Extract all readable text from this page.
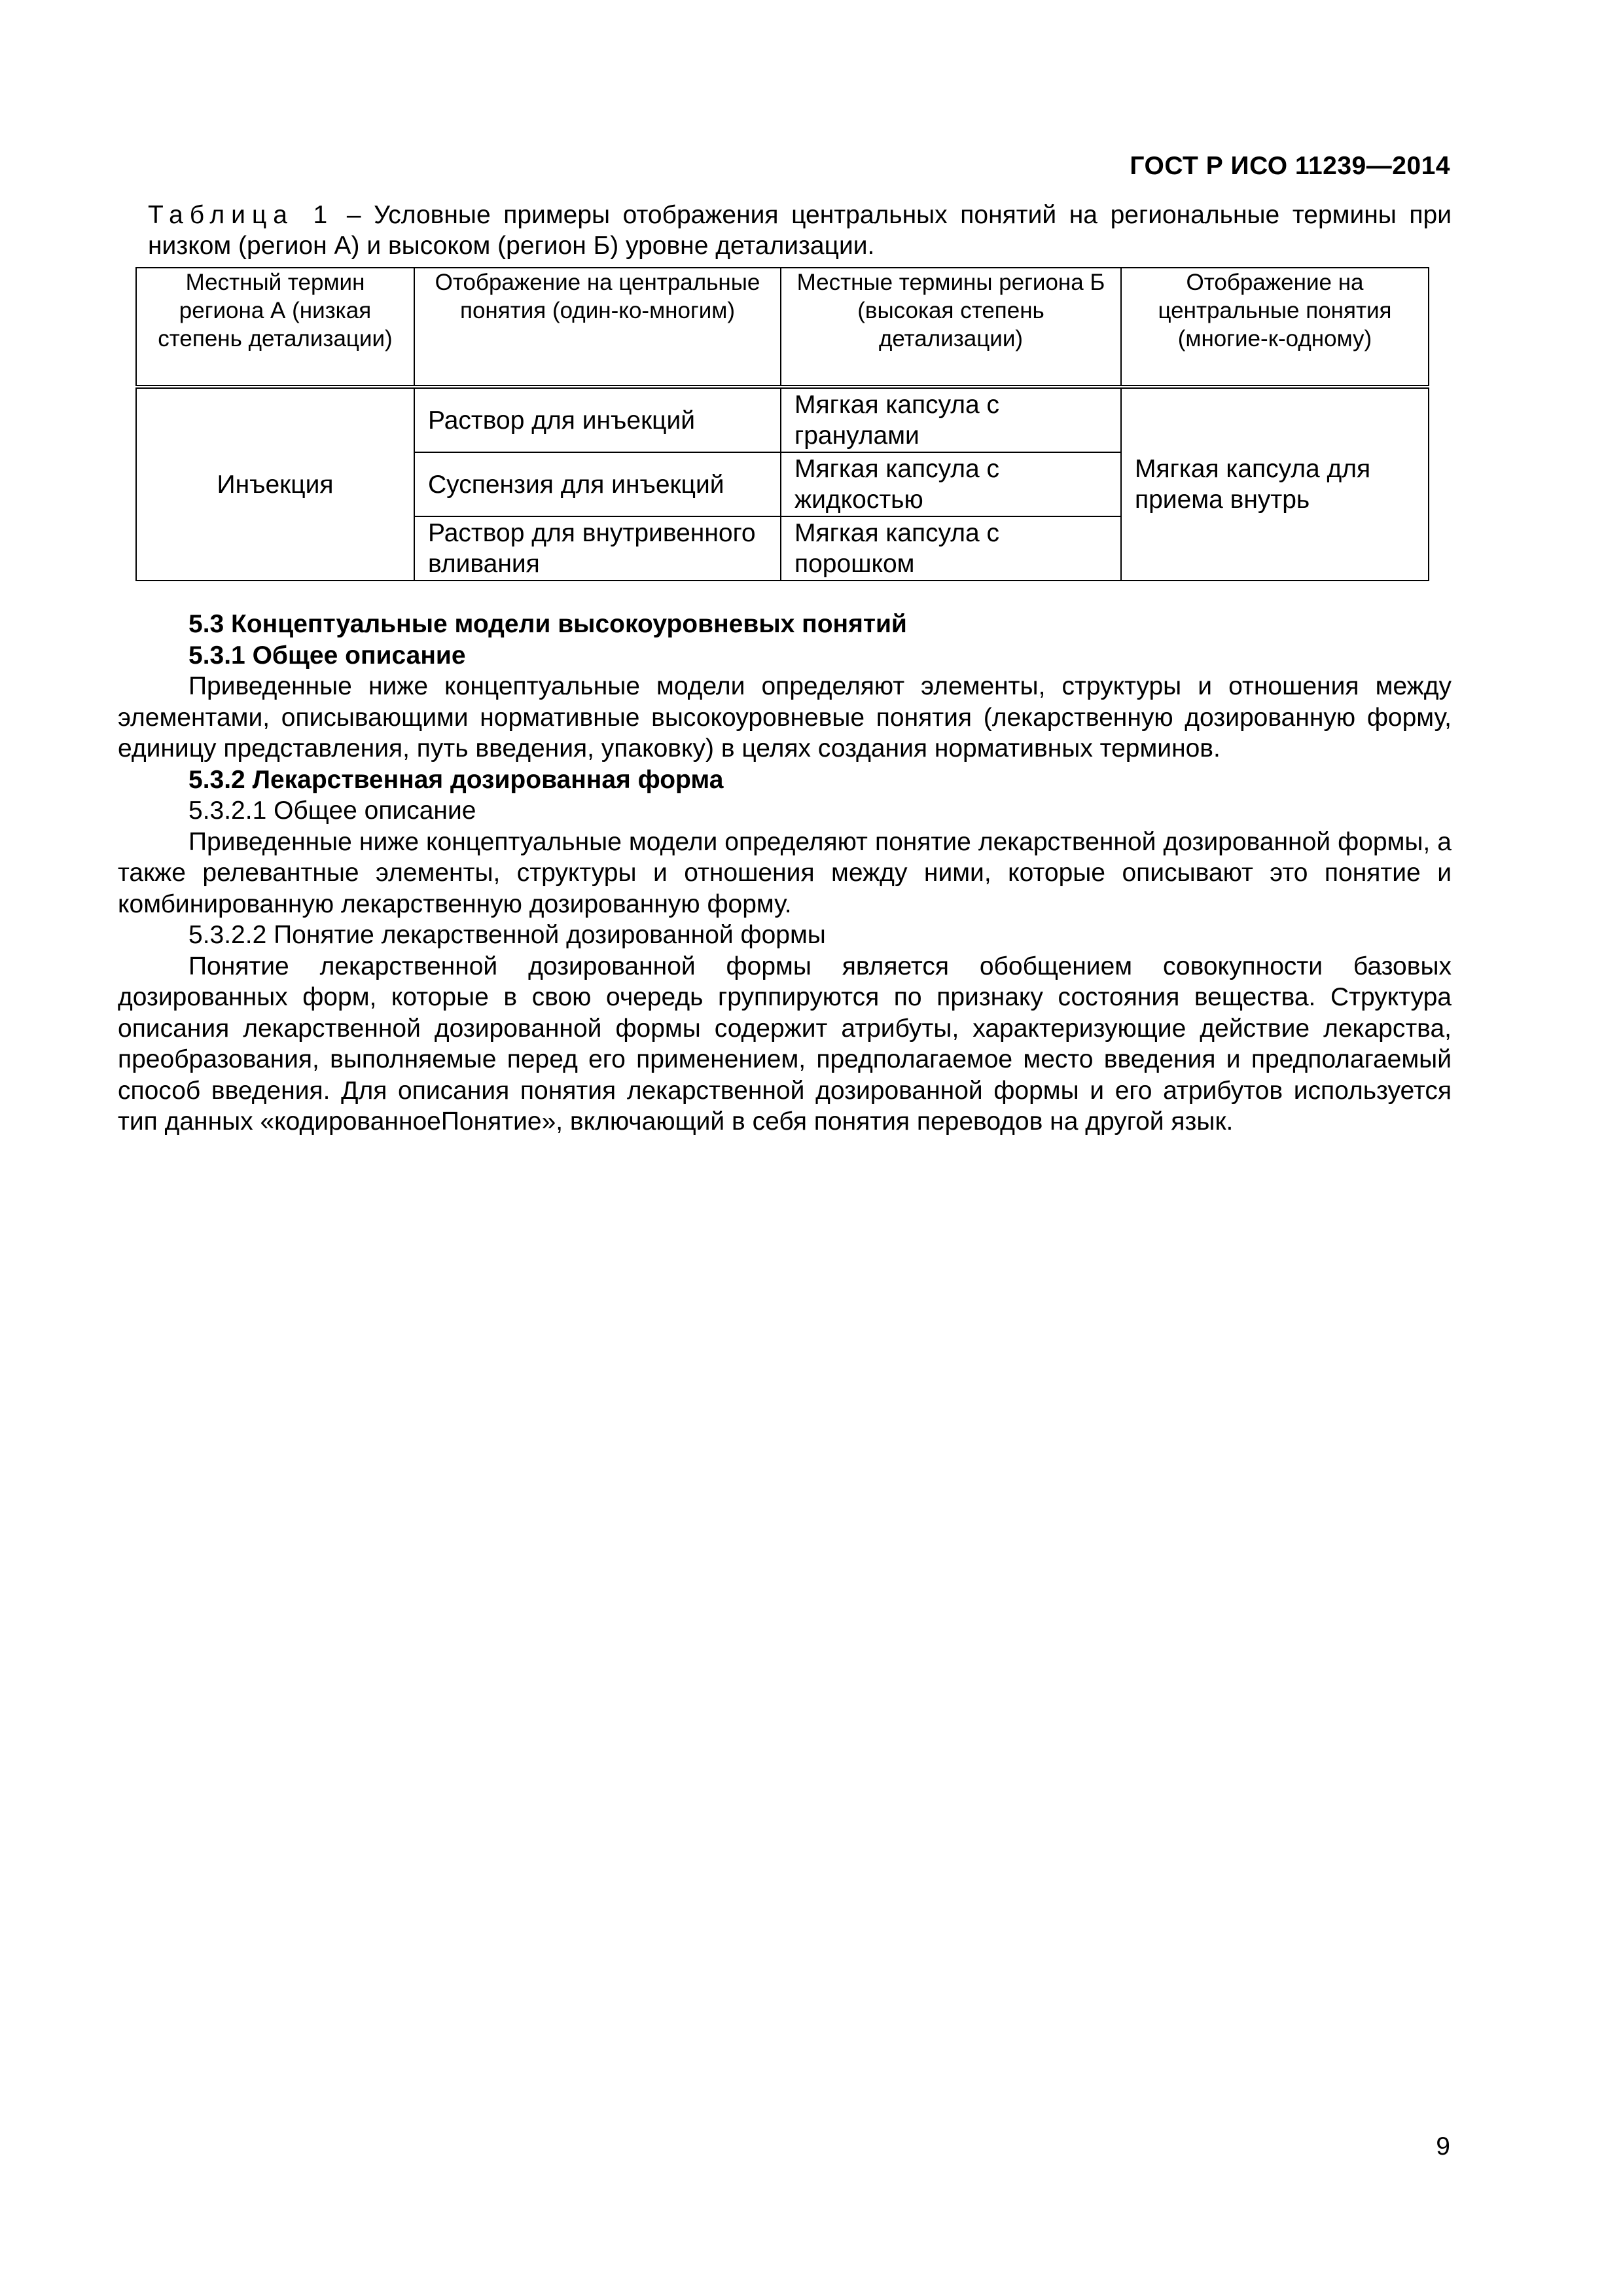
ГОСТ Р ИСО 11239—2014
Таблица 1 – Условные примеры отображения центральных понятий на региональные термины при низком (регион А) и высоком (регион Б) уровне детализации.
Местный термин региона А (низкая степень детализации)	Отображение на центральные понятия (один-ко-многим)	Местные термины региона Б (высокая степень детализации)	Отображение на центральные понятия (многие-к-одному)
Инъекция	Раствор для инъекций	Мягкая капсула с гранулами	Мягкая капсула для приема внутрь
	Суспензия для инъекций	Мягкая капсула с жидкостью	
	Раствор для внутривенного вливания	Мягкая капсула с порошком	

5.3 Концептуальные модели высокоуровневых понятий

5.3.1 Общее описание

Приведенные ниже концептуальные модели определяют элементы, структуры и отношения между элементами, описывающими нормативные высокоуровневые понятия (лекарственную дозированную форму, единицу представления, путь введения, упаковку) в целях создания нормативных терминов.

5.3.2 Лекарственная дозированная форма

5.3.2.1 Общее описание

Приведенные ниже концептуальные модели определяют понятие лекарственной дозированной формы, а также релевантные элементы, структуры и отношения между ними, которые описывают это понятие и комбинированную лекарственную дозированную форму.

5.3.2.2 Понятие лекарственной дозированной формы

Понятие лекарственной дозированной формы является обобщением совокупности базовых дозированных форм, которые в свою очередь группируются по признаку состояния вещества. Структура описания лекарственной дозированной формы содержит атрибуты, характеризующие действие лекарства, преобразования, выполняемые перед его применением, предполагаемое место введения и предполагаемый способ введения. Для описания понятия лекарственной дозированной формы и его атрибутов используется тип данных «кодированноеПонятие», включающий в себя понятия переводов на другой язык.

9
